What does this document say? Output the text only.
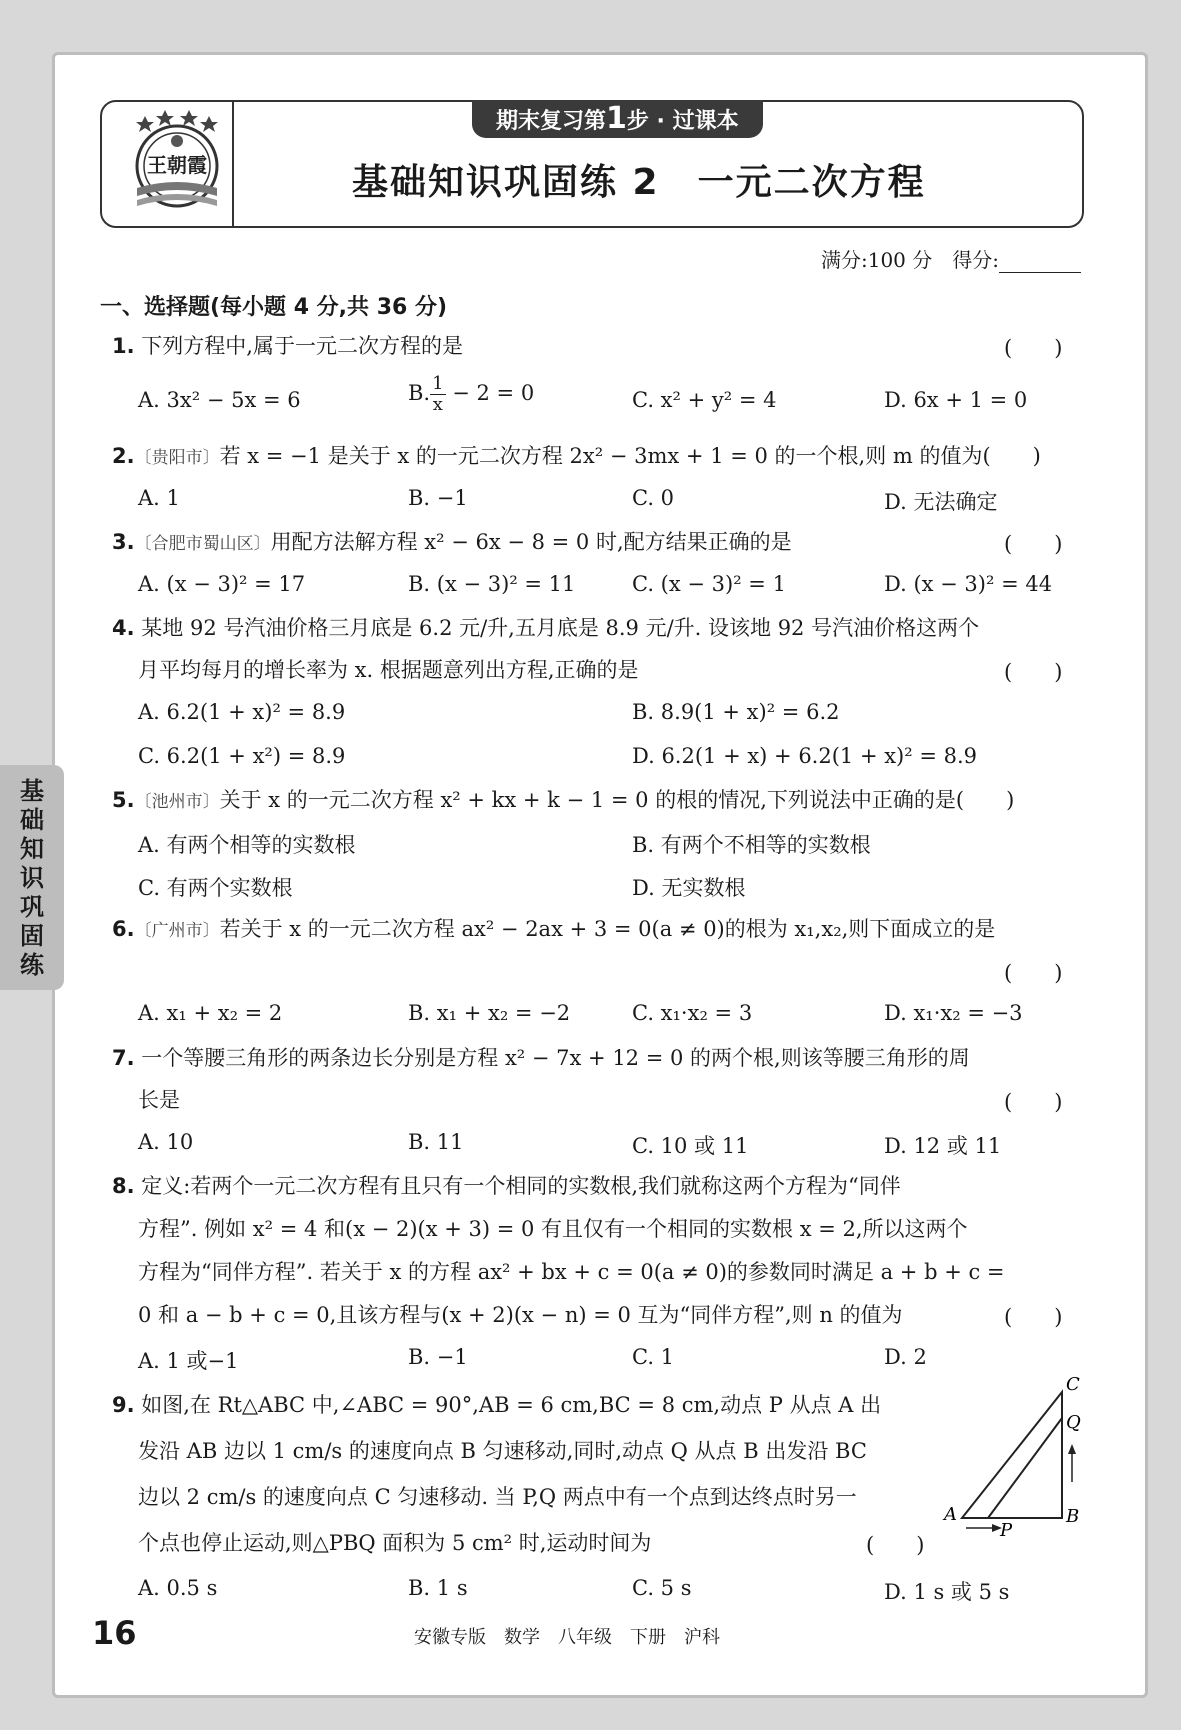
王朝霞
期末复习第1步 · 过课本
基础知识巩固练 2　一元二次方程
满分:100 分　得分:
一、选择题(每小题 4 分,共 36 分)
1. 下列方程中,属于一元二次方程的是	(　　)
A. 3x² − 5x = 6	B. $\frac{1}{x} - 2 = 0$	C. x² + y² = 4	D. 6x + 1 = 0
2.〔贵阳市〕若 x = −1 是关于 x 的一元二次方程 2x² − 3mx + 1 = 0 的一个根,则 m 的值为(　　)
A. 1	B. −1	C. 0	D. 无法确定
3.〔合肥市蜀山区〕用配方法解方程 x² − 6x − 8 = 0 时,配方结果正确的是	(　　)
A. (x − 3)² = 17	B. (x − 3)² = 11	C. (x − 3)² = 1	D. (x − 3)² = 44
4. 某地 92 号汽油价格三月底是 6.2 元/升,五月底是 8.9 元/升. 设该地 92 号汽油价格这两个
月平均每月的增长率为 x. 根据题意列出方程,正确的是	(　　)
A. 6.2(1 + x)² = 8.9	B. 8.9(1 + x)² = 6.2
C. 6.2(1 + x²) = 8.9	D. 6.2(1 + x) + 6.2(1 + x)² = 8.9
5.〔池州市〕关于 x 的一元二次方程 x² + kx + k − 1 = 0 的根的情况,下列说法中正确的是(　　)
A. 有两个相等的实数根	B. 有两个不相等的实数根
C. 有两个实数根	D. 无实数根
6.〔广州市〕若关于 x 的一元二次方程 ax² − 2ax + 3 = 0(a ≠ 0)的根为 x₁,x₂,则下面成立的是
(　　)
A. x₁ + x₂ = 2	B. x₁ + x₂ = −2	C. x₁·x₂ = 3	D. x₁·x₂ = −3
7. 一个等腰三角形的两条边长分别是方程 x² − 7x + 12 = 0 的两个根,则该等腰三角形的周
长是	(　　)
A. 10	B. 11	C. 10 或 11	D. 12 或 11
8. 定义:若两个一元二次方程有且只有一个相同的实数根,我们就称这两个方程为“同伴
方程”. 例如 x² = 4 和(x − 2)(x + 3) = 0 有且仅有一个相同的实数根 x = 2,所以这两个
方程为“同伴方程”. 若关于 x 的方程 ax² + bx + c = 0(a ≠ 0)的参数同时满足 a + b + c =
0 和 a − b + c = 0,且该方程与(x + 2)(x − n) = 0 互为“同伴方程”,则 n 的值为	(　　)
A. 1 或−1	B. −1	C. 1	D. 2
9. 如图,在 Rt△ABC 中,∠ABC = 90°,AB = 6 cm,BC = 8 cm,动点 P 从点 A 出
发沿 AB 边以 1 cm/s 的速度向点 B 匀速移动,同时,动点 Q 从点 B 出发沿 BC
边以 2 cm/s 的速度向点 C 匀速移动. 当 P,Q 两点中有一个点到达终点时另一
个点也停止运动,则△PBQ 面积为 5 cm² 时,运动时间为	(　　)
A. 0.5 s	B. 1 s	C. 5 s	D. 1 s 或 5 s
C
Q
B
A
P
基础知识巩固练
16	安徽专版　数学　八年级　下册　沪科
